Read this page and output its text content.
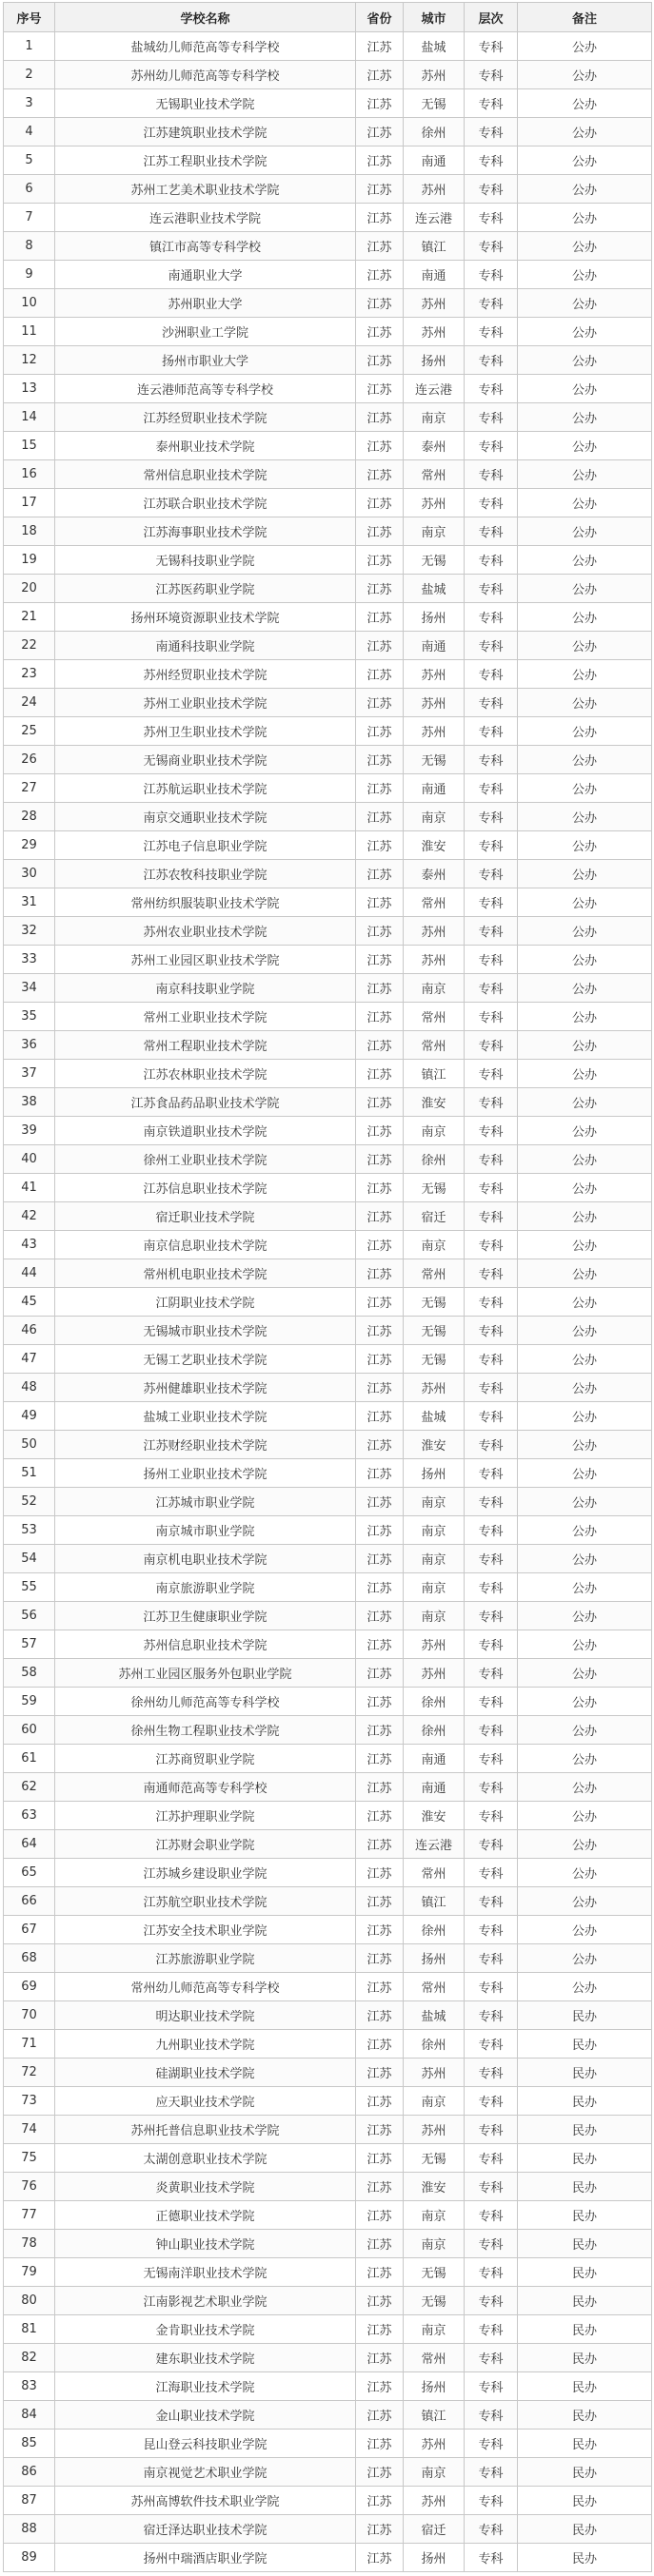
序号	学校名称	省份	城市	层次	备注
1	盐城幼儿师范高等专科学校	江苏	盐城	专科	公办
2	苏州幼儿师范高等专科学校	江苏	苏州	专科	公办
3	无锡职业技术学院	江苏	无锡	专科	公办
4	江苏建筑职业技术学院	江苏	徐州	专科	公办
5	江苏工程职业技术学院	江苏	南通	专科	公办
6	苏州工艺美术职业技术学院	江苏	苏州	专科	公办
7	连云港职业技术学院	江苏	连云港	专科	公办
8	镇江市高等专科学校	江苏	镇江	专科	公办
9	南通职业大学	江苏	南通	专科	公办
10	苏州职业大学	江苏	苏州	专科	公办
11	沙洲职业工学院	江苏	苏州	专科	公办
12	扬州市职业大学	江苏	扬州	专科	公办
13	连云港师范高等专科学校	江苏	连云港	专科	公办
14	江苏经贸职业技术学院	江苏	南京	专科	公办
15	泰州职业技术学院	江苏	泰州	专科	公办
16	常州信息职业技术学院	江苏	常州	专科	公办
17	江苏联合职业技术学院	江苏	苏州	专科	公办
18	江苏海事职业技术学院	江苏	南京	专科	公办
19	无锡科技职业学院	江苏	无锡	专科	公办
20	江苏医药职业学院	江苏	盐城	专科	公办
21	扬州环境资源职业技术学院	江苏	扬州	专科	公办
22	南通科技职业学院	江苏	南通	专科	公办
23	苏州经贸职业技术学院	江苏	苏州	专科	公办
24	苏州工业职业技术学院	江苏	苏州	专科	公办
25	苏州卫生职业技术学院	江苏	苏州	专科	公办
26	无锡商业职业技术学院	江苏	无锡	专科	公办
27	江苏航运职业技术学院	江苏	南通	专科	公办
28	南京交通职业技术学院	江苏	南京	专科	公办
29	江苏电子信息职业学院	江苏	淮安	专科	公办
30	江苏农牧科技职业学院	江苏	泰州	专科	公办
31	常州纺织服装职业技术学院	江苏	常州	专科	公办
32	苏州农业职业技术学院	江苏	苏州	专科	公办
33	苏州工业园区职业技术学院	江苏	苏州	专科	公办
34	南京科技职业学院	江苏	南京	专科	公办
35	常州工业职业技术学院	江苏	常州	专科	公办
36	常州工程职业技术学院	江苏	常州	专科	公办
37	江苏农林职业技术学院	江苏	镇江	专科	公办
38	江苏食品药品职业技术学院	江苏	淮安	专科	公办
39	南京铁道职业技术学院	江苏	南京	专科	公办
40	徐州工业职业技术学院	江苏	徐州	专科	公办
41	江苏信息职业技术学院	江苏	无锡	专科	公办
42	宿迁职业技术学院	江苏	宿迁	专科	公办
43	南京信息职业技术学院	江苏	南京	专科	公办
44	常州机电职业技术学院	江苏	常州	专科	公办
45	江阴职业技术学院	江苏	无锡	专科	公办
46	无锡城市职业技术学院	江苏	无锡	专科	公办
47	无锡工艺职业技术学院	江苏	无锡	专科	公办
48	苏州健雄职业技术学院	江苏	苏州	专科	公办
49	盐城工业职业技术学院	江苏	盐城	专科	公办
50	江苏财经职业技术学院	江苏	淮安	专科	公办
51	扬州工业职业技术学院	江苏	扬州	专科	公办
52	江苏城市职业学院	江苏	南京	专科	公办
53	南京城市职业学院	江苏	南京	专科	公办
54	南京机电职业技术学院	江苏	南京	专科	公办
55	南京旅游职业学院	江苏	南京	专科	公办
56	江苏卫生健康职业学院	江苏	南京	专科	公办
57	苏州信息职业技术学院	江苏	苏州	专科	公办
58	苏州工业园区服务外包职业学院	江苏	苏州	专科	公办
59	徐州幼儿师范高等专科学校	江苏	徐州	专科	公办
60	徐州生物工程职业技术学院	江苏	徐州	专科	公办
61	江苏商贸职业学院	江苏	南通	专科	公办
62	南通师范高等专科学校	江苏	南通	专科	公办
63	江苏护理职业学院	江苏	淮安	专科	公办
64	江苏财会职业学院	江苏	连云港	专科	公办
65	江苏城乡建设职业学院	江苏	常州	专科	公办
66	江苏航空职业技术学院	江苏	镇江	专科	公办
67	江苏安全技术职业学院	江苏	徐州	专科	公办
68	江苏旅游职业学院	江苏	扬州	专科	公办
69	常州幼儿师范高等专科学校	江苏	常州	专科	公办
70	明达职业技术学院	江苏	盐城	专科	民办
71	九州职业技术学院	江苏	徐州	专科	民办
72	硅湖职业技术学院	江苏	苏州	专科	民办
73	应天职业技术学院	江苏	南京	专科	民办
74	苏州托普信息职业技术学院	江苏	苏州	专科	民办
75	太湖创意职业技术学院	江苏	无锡	专科	民办
76	炎黄职业技术学院	江苏	淮安	专科	民办
77	正德职业技术学院	江苏	南京	专科	民办
78	钟山职业技术学院	江苏	南京	专科	民办
79	无锡南洋职业技术学院	江苏	无锡	专科	民办
80	江南影视艺术职业学院	江苏	无锡	专科	民办
81	金肯职业技术学院	江苏	南京	专科	民办
82	建东职业技术学院	江苏	常州	专科	民办
83	江海职业技术学院	江苏	扬州	专科	民办
84	金山职业技术学院	江苏	镇江	专科	民办
85	昆山登云科技职业学院	江苏	苏州	专科	民办
86	南京视觉艺术职业学院	江苏	南京	专科	民办
87	苏州高博软件技术职业学院	江苏	苏州	专科	民办
88	宿迁泽达职业技术学院	江苏	宿迁	专科	民办
89	扬州中瑞酒店职业学院	江苏	扬州	专科	民办
